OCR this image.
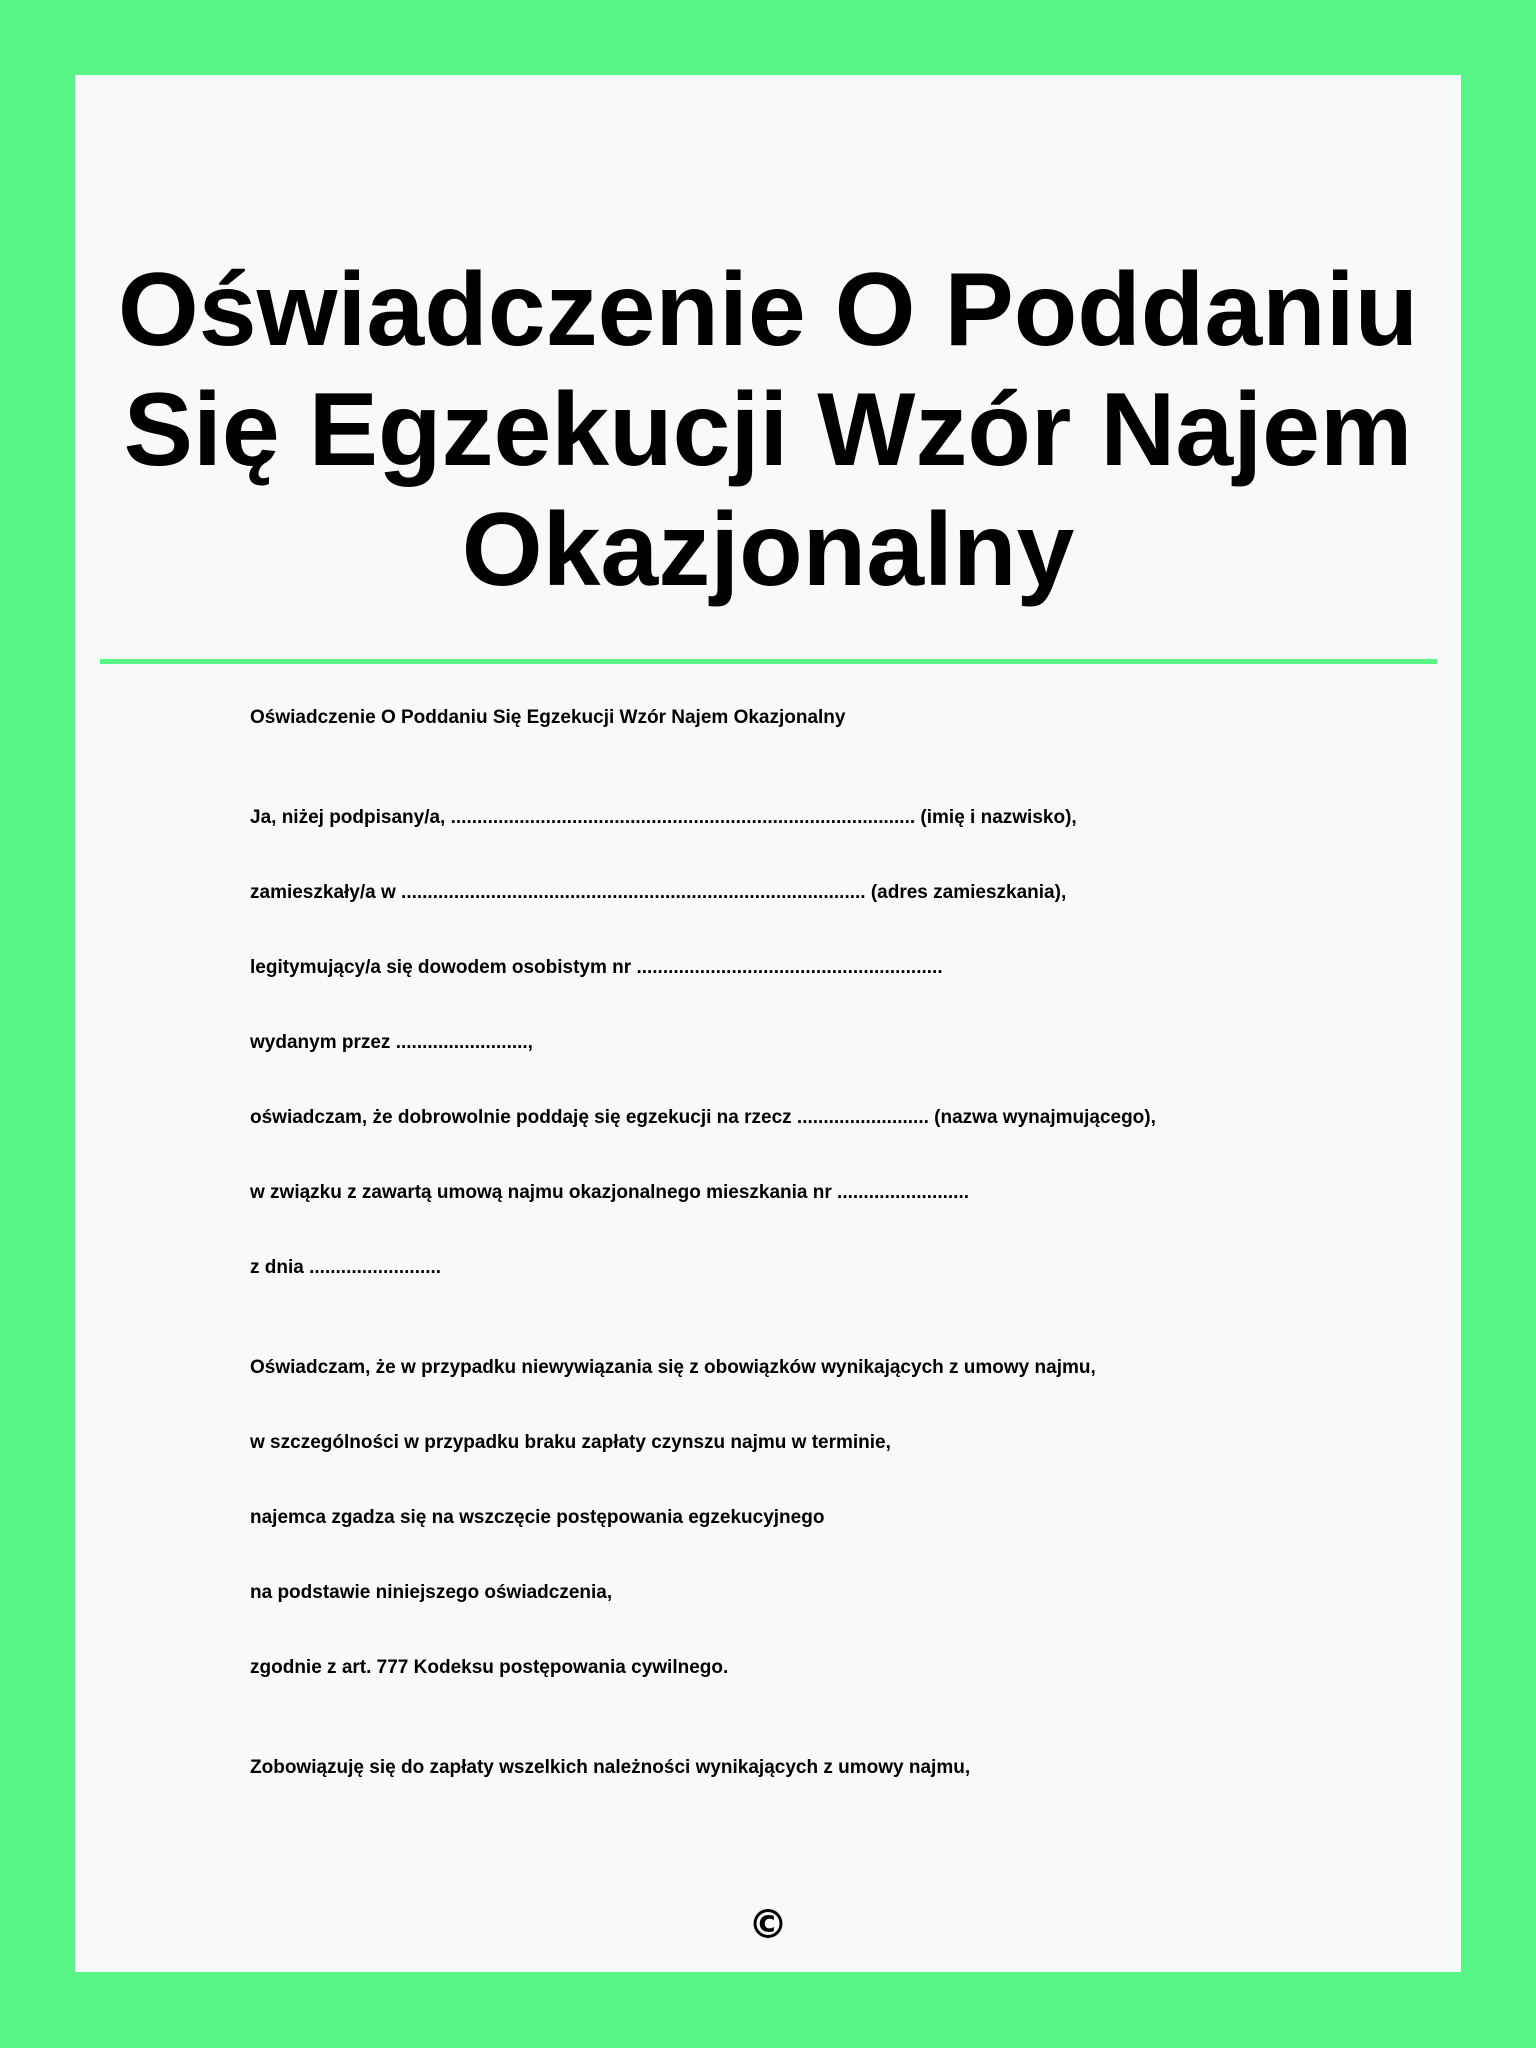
Oświadczenie O Poddaniu
Się Egzekucji Wzór Najem
Okazjonalny
Oświadczenie O Poddaniu Się Egzekucji Wzór Najem Okazjonalny
Ja, niżej podpisany/a, ........................................................................................ (imię i nazwisko),
zamieszkały/a w ........................................................................................ (adres zamieszkania),
legitymujący/a się dowodem osobistym nr ..........................................................
wydanym przez .........................,
oświadczam, że dobrowolnie poddaję się egzekucji na rzecz ......................... (nazwa wynajmującego),
w związku z zawartą umową najmu okazjonalnego mieszkania nr .........................
z dnia .........................
Oświadczam, że w przypadku niewywiązania się z obowiązków wynikających z umowy najmu,
w szczególności w przypadku braku zapłaty czynszu najmu w terminie,
najemca zgadza się na wszczęcie postępowania egzekucyjnego
na podstawie niniejszego oświadczenia,
zgodnie z art. 777 Kodeksu postępowania cywilnego.
Zobowiązuję się do zapłaty wszelkich należności wynikających z umowy najmu,
©
